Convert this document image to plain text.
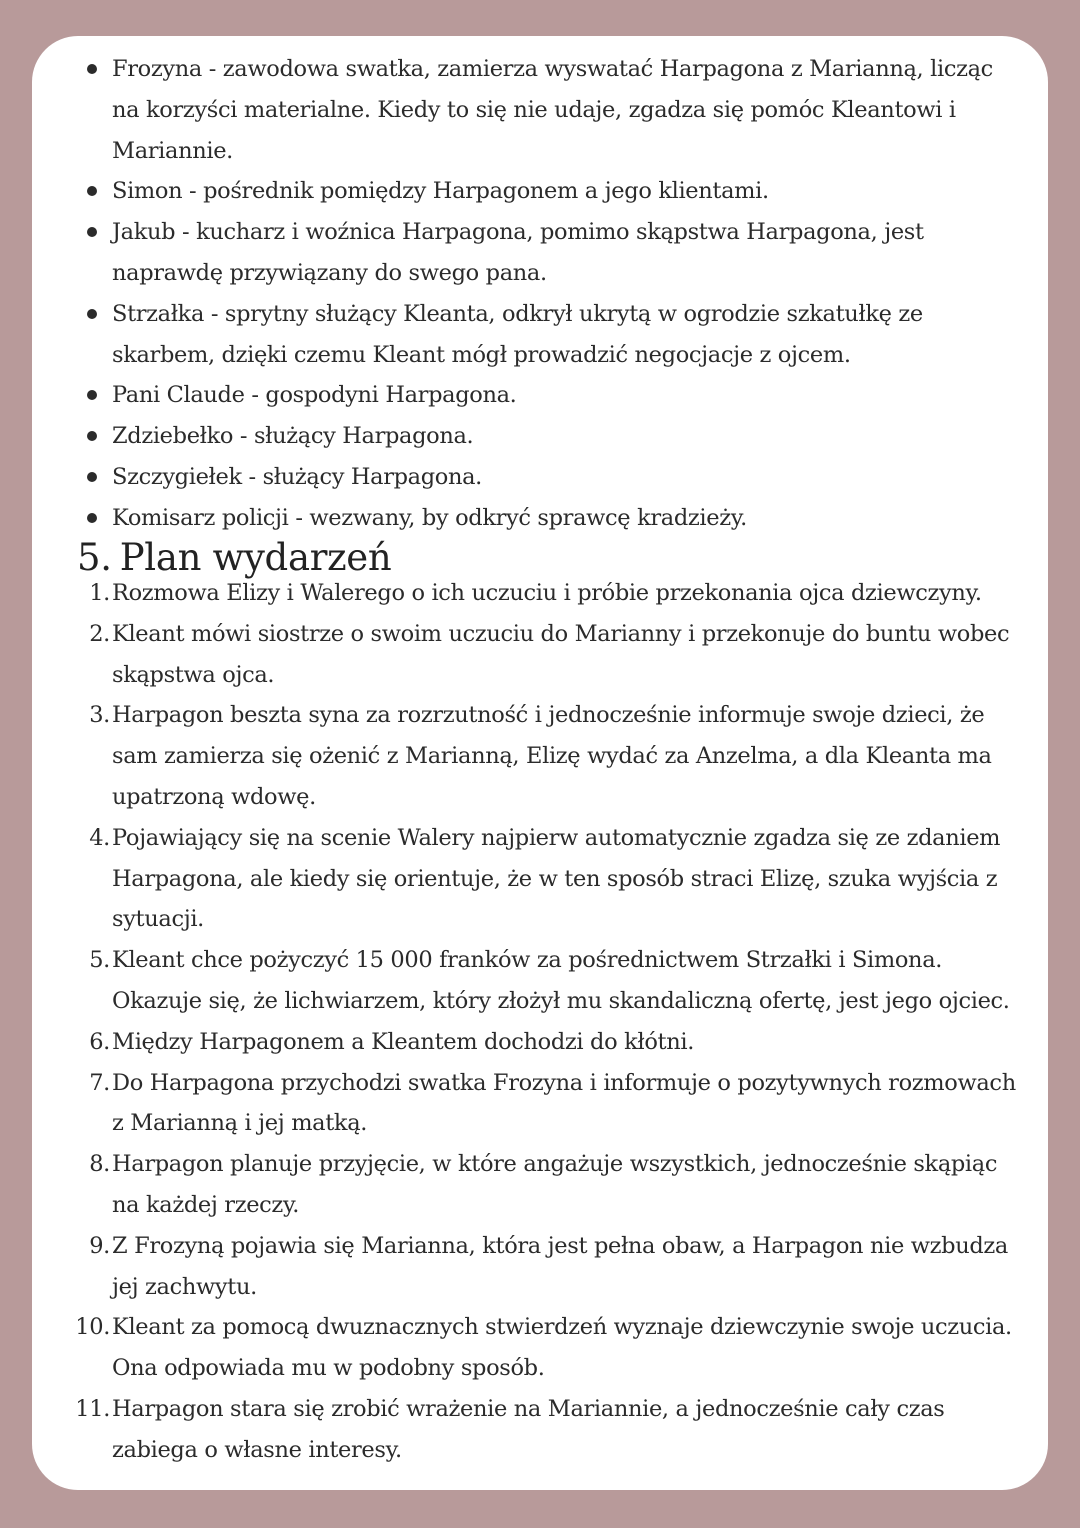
Frozyna - zawodowa swatka, zamierza wyswatać Harpagona z Marianną, licząc na korzyści materialne. Kiedy to się nie udaje, zgadza się pomóc Kleantowi i Mariannie.
Simon - pośrednik pomiędzy Harpagonem a jego klientami.
Jakub - kucharz i woźnica Harpagona, pomimo skąpstwa Harpagona, jest naprawdę przywiązany do swego pana.
Strzałka - sprytny służący Kleanta, odkrył ukrytą w ogrodzie szkatułkę ze skarbem, dzięki czemu Kleant mógł prowadzić negocjacje z ojcem.
Pani Claude - gospodyni Harpagona.
Zdziebełko - służący Harpagona.
Szczygiełek - służący Harpagona.
Komisarz policji - wezwany, by odkryć sprawcę kradzieży.
5. Plan wydarzeń
1. Rozmowa Elizy i Walerego o ich uczuciu i próbie przekonania ojca dziewczyny.
2. Kleant mówi siostrze o swoim uczuciu do Marianny i przekonuje do buntu wobec skąpstwa ojca.
3. Harpagon beszta syna za rozrzutność i jednocześnie informuje swoje dzieci, że sam zamierza się ożenić z Marianną, Elizę wydać za Anzelma, a dla Kleanta ma upatrzoną wdowę.
4. Pojawiający się na scenie Walery najpierw automatycznie zgadza się ze zdaniem Harpagona, ale kiedy się orientuje, że w ten sposób straci Elizę, szuka wyjścia z sytuacji.
5. Kleant chce pożyczyć 15 000 franków za pośrednictwem Strzałki i Simona. Okazuje się, że lichwiarzem, który złożył mu skandaliczną ofertę, jest jego ojciec.
6. Między Harpagonem a Kleantem dochodzi do kłótni.
7. Do Harpagona przychodzi swatka Frozyna i informuje o pozytywnych rozmowach z Marianną i jej matką.
8. Harpagon planuje przyjęcie, w które angażuje wszystkich, jednocześnie skąpiąc na każdej rzeczy.
9. Z Frozyną pojawia się Marianna, która jest pełna obaw, a Harpagon nie wzbudza jej zachwytu.
10. Kleant za pomocą dwuznacznych stwierdzeń wyznaje dziewczynie swoje uczucia. Ona odpowiada mu w podobny sposób.
11. Harpagon stara się zrobić wrażenie na Mariannie, a jednocześnie cały czas zabiega o własne interesy.
